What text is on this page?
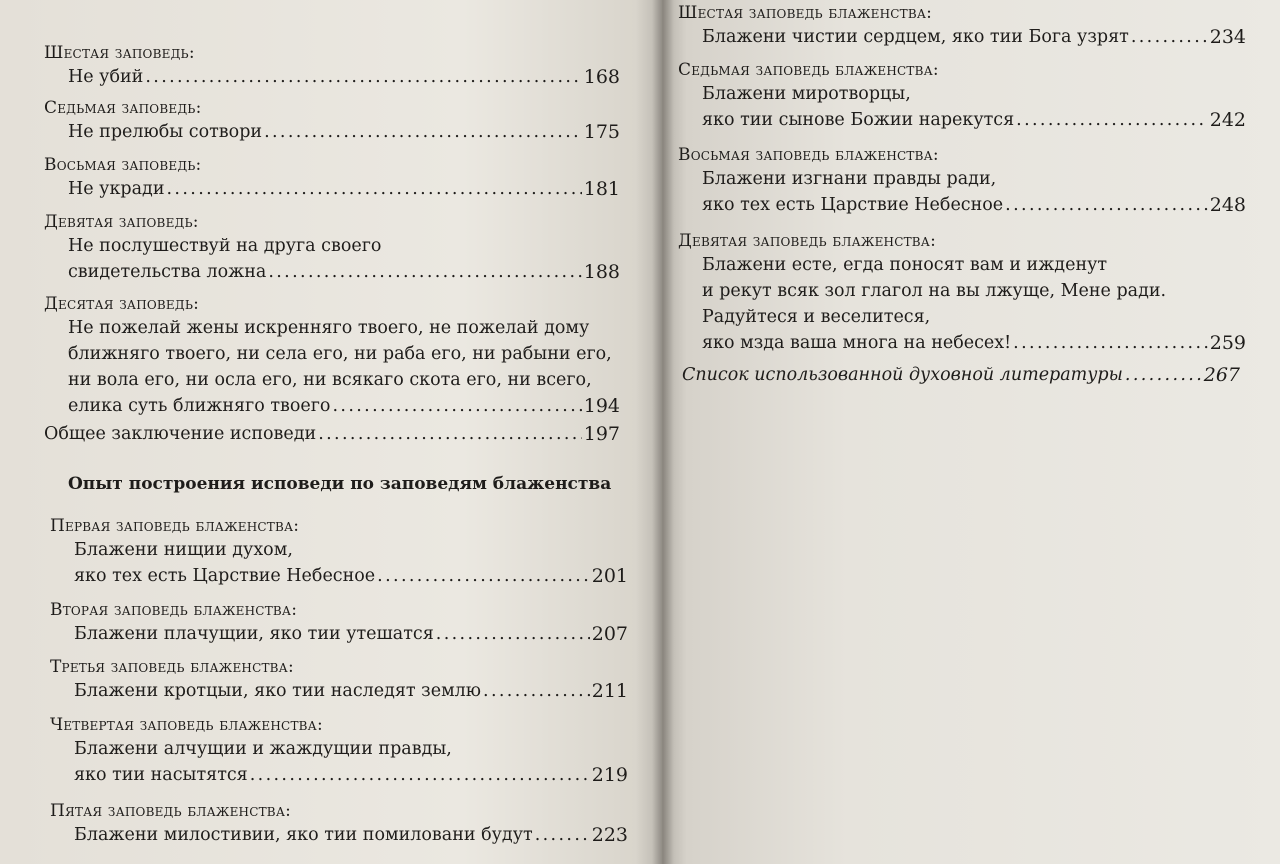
Шестая заповедь:
Не убий . . .	168
Седьмая заповедь:
Не прелюбы сотвори . . .	175
Восьмая заповедь:
Не укради . . .	181
Девятая заповедь:
Не послушествуй на друга своего
свидетельства ложна . . .	188
Десятая заповедь:
Не пожелай жены искренняго твоего, не пожелай дому
ближняго твоего, ни села его, ни раба его, ни рабыни его,
ни вола его, ни осла его, ни всякаго скота его, ни всего,
елика суть ближняго твоего . . .	194
Общее заключение исповеди . . .	197
Опыт построения исповеди по заповедям блаженства
Первая заповедь блаженства:
Блажени нищии духом,
яко тех есть Царствие Небесное . . .	201
Вторая заповедь блаженства:
Блажени плачущии, яко тии утешатся . . .	207
Третья заповедь блаженства:
Блажени кротцыи, яко тии наследят землю . . .	211
Четвертая заповедь блаженства:
Блажени алчущии и жаждущии правды,
яко тии насытятся . . .	219
Пятая заповедь блаженства:
Блажени милостивии, яко тии помиловани будут . . .	223
Шестая заповедь блаженства:
Блажени чистии сердцем, яко тии Бога узрят . . .	234
Седьмая заповедь блаженства:
Блажени миротворцы,
яко тии сынове Божии нарекутся . . .	242
Восьмая заповедь блаженства:
Блажени изгнани правды ради,
яко тех есть Царствие Небесное . . .	248
Девятая заповедь блаженства:
Блажени есте, егда поносят вам и ижденут
и рекут всяк зол глагол на вы лжуще, Мене ради.
Радуйтеся и веселитеся,
яко мзда ваша многа на небесех! . . .	259
Список использованной духовной литературы . . .	267
